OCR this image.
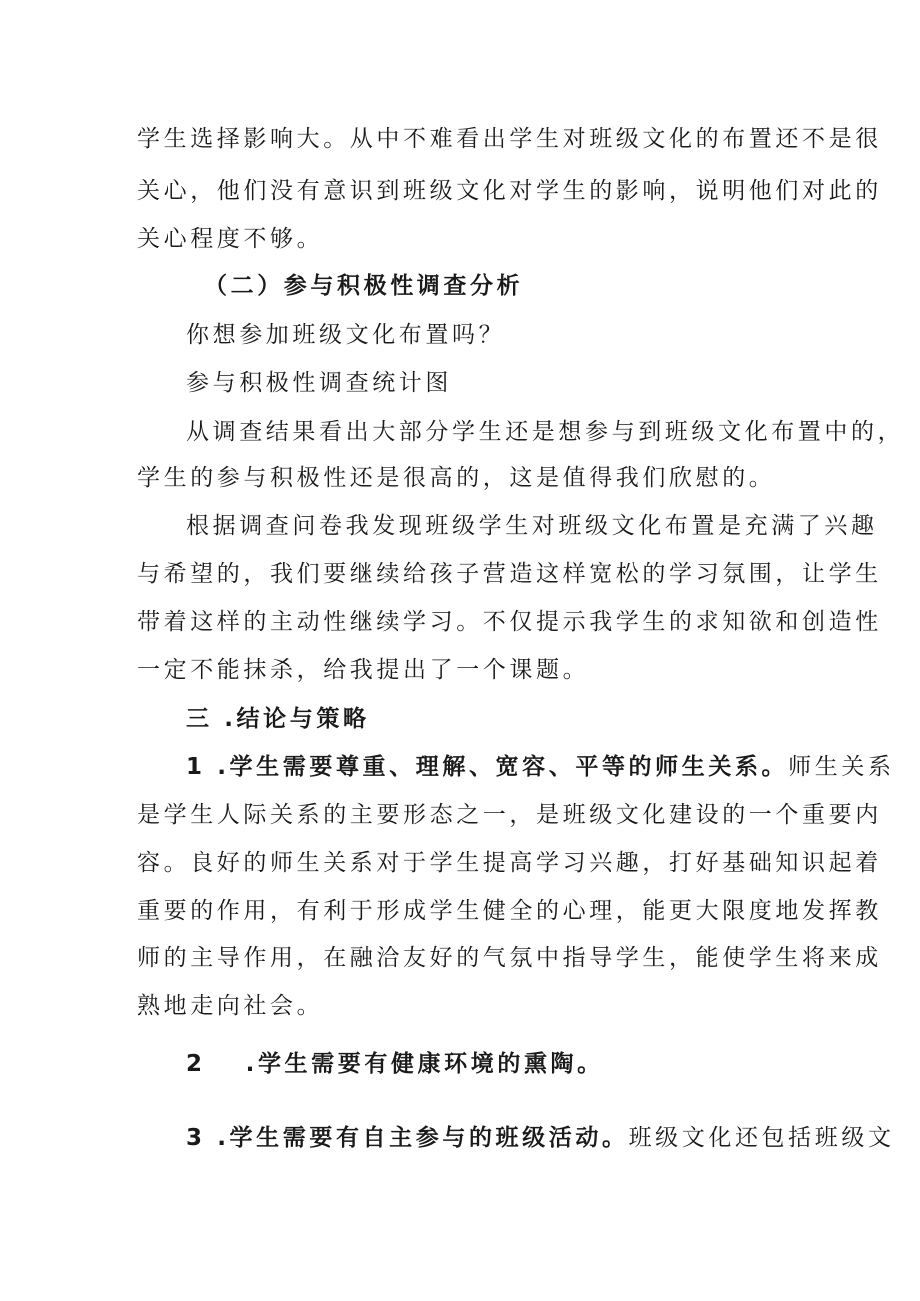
学生选择影响大。从中不难看出学生对班级文化的布置还不是很
关心，他们没有意识到班级文化对学生的影响，说明他们对此的
关心程度不够。
（二）参与积极性调查分析
你想参加班级文化布置吗？
参与积极性调查统计图
从调查结果看出大部分学生还是想参与到班级文化布置中的，
学生的参与积极性还是很高的，这是值得我们欣慰的。
根据调查问卷我发现班级学生对班级文化布置是充满了兴趣
与希望的，我们要继续给孩子营造这样宽松的学习氛围，让学生
带着这样的主动性继续学习。不仅提示我学生的求知欲和创造性
一定不能抹杀，给我提出了一个课题。
三 .结论与策略
1 .学生需要尊重、理解、宽容、平等的师生关系。师生关系
是学生人际关系的主要形态之一，是班级文化建设的一个重要内
容。良好的师生关系对于学生提高学习兴趣，打好基础知识起着
重要的作用，有利于形成学生健全的心理，能更大限度地发挥教
师的主导作用，在融洽友好的气氛中指导学生，能使学生将来成
熟地走向社会。
2 .学生需要有健康环境的熏陶。
3 .学生需要有自主参与的班级活动。班级文化还包括班级文
